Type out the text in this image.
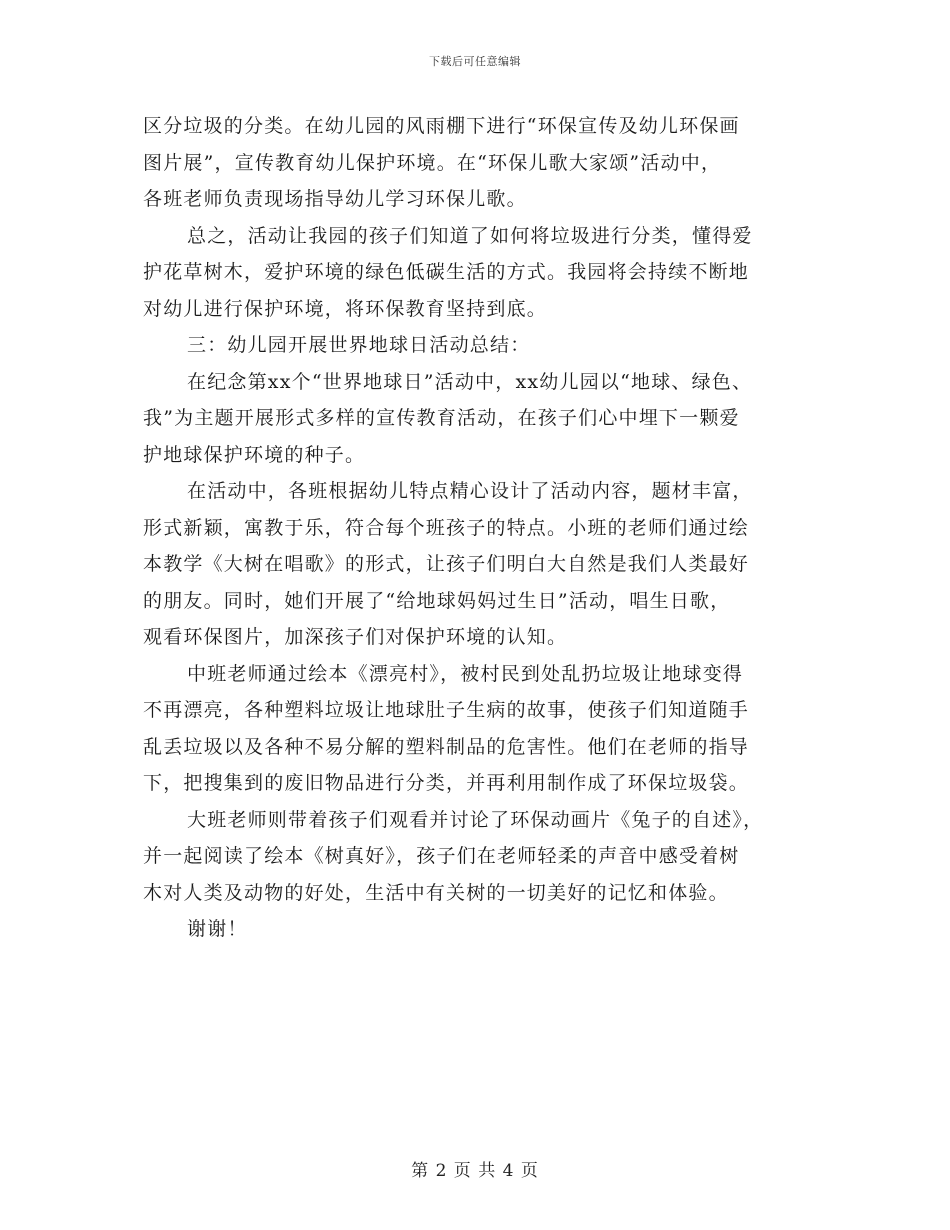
下载后可任意编辑
区分垃圾的分类。在幼儿园的风雨棚下进行“环保宣传及幼儿环保画
图片展”，宣传教育幼儿保护环境。在“环保儿歌大家颂”活动中，
各班老师负责现场指导幼儿学习环保儿歌。
总之，活动让我园的孩子们知道了如何将垃圾进行分类，懂得爱
护花草树木，爱护环境的绿色低碳生活的方式。我园将会持续不断地
对幼儿进行保护环境，将环保教育坚持到底。
三：幼儿园开展世界地球日活动总结：
在纪念第xx个“世界地球日”活动中，xx幼儿园以“地球、绿色、
我”为主题开展形式多样的宣传教育活动，在孩子们心中埋下一颗爱
护地球保护环境的种子。
在活动中，各班根据幼儿特点精心设计了活动内容，题材丰富，
形式新颖，寓教于乐，符合每个班孩子的特点。小班的老师们通过绘
本教学《大树在唱歌》的形式，让孩子们明白大自然是我们人类最好
的朋友。同时，她们开展了“给地球妈妈过生日”活动，唱生日歌，
观看环保图片，加深孩子们对保护环境的认知。
中班老师通过绘本《漂亮村》，被村民到处乱扔垃圾让地球变得
不再漂亮，各种塑料垃圾让地球肚子生病的故事，使孩子们知道随手
乱丢垃圾以及各种不易分解的塑料制品的危害性。他们在老师的指导
下，把搜集到的废旧物品进行分类，并再利用制作成了环保垃圾袋。
大班老师则带着孩子们观看并讨论了环保动画片《兔子的自述》，
并一起阅读了绘本《树真好》，孩子们在老师轻柔的声音中感受着树
木对人类及动物的好处，生活中有关树的一切美好的记忆和体验。
谢谢！
第 2 页 共 4 页
